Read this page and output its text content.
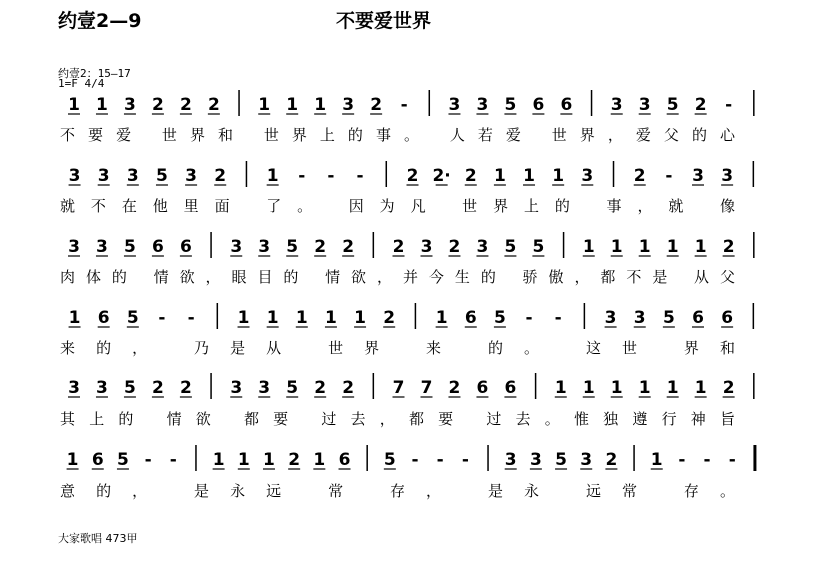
约壹2—9	不要爱世界
约壹2：15—17
1=F 4/4
大家歌唱 473甲
1 1 3 2 2 2 1 1 1 3 2 - 3 3 5 6 6 3 3 5 2 -
不要爱 世界和 世界上的事。 人若爱 世界，爱父的心
3 3 3 5 3 2 1 - - -	2 2· 2 1 1 1 3 2 - 3 3
就不在他里面 了。 因为凡 世界上的 事，就 像
3 3 5 6 6 3 3 5 2 2 2 3 2 3 5 5 1 1 1 1 1 2
肉体的 情欲，眼目的 情欲，并今生的 骄傲，都不是 从父
1 6 5 - -	1 1 1 1 1 2 1 6 5 - -	3 3 5 6 6
来的， 乃是从 世界 来 的。 这世 界和
3 3 5 2 2 3 3 5 2 2 7 7 2 6 6 1 1 1 1 1 1 2
其上的 情欲 都要 过去，都要 过去。惟独遵行神旨
1 6 5 - - 1 1 1 2 1 6 5 - - - 3 3 5 3 2 1 - - -
意的， 是永远 常 存， 是永 远常 存。
